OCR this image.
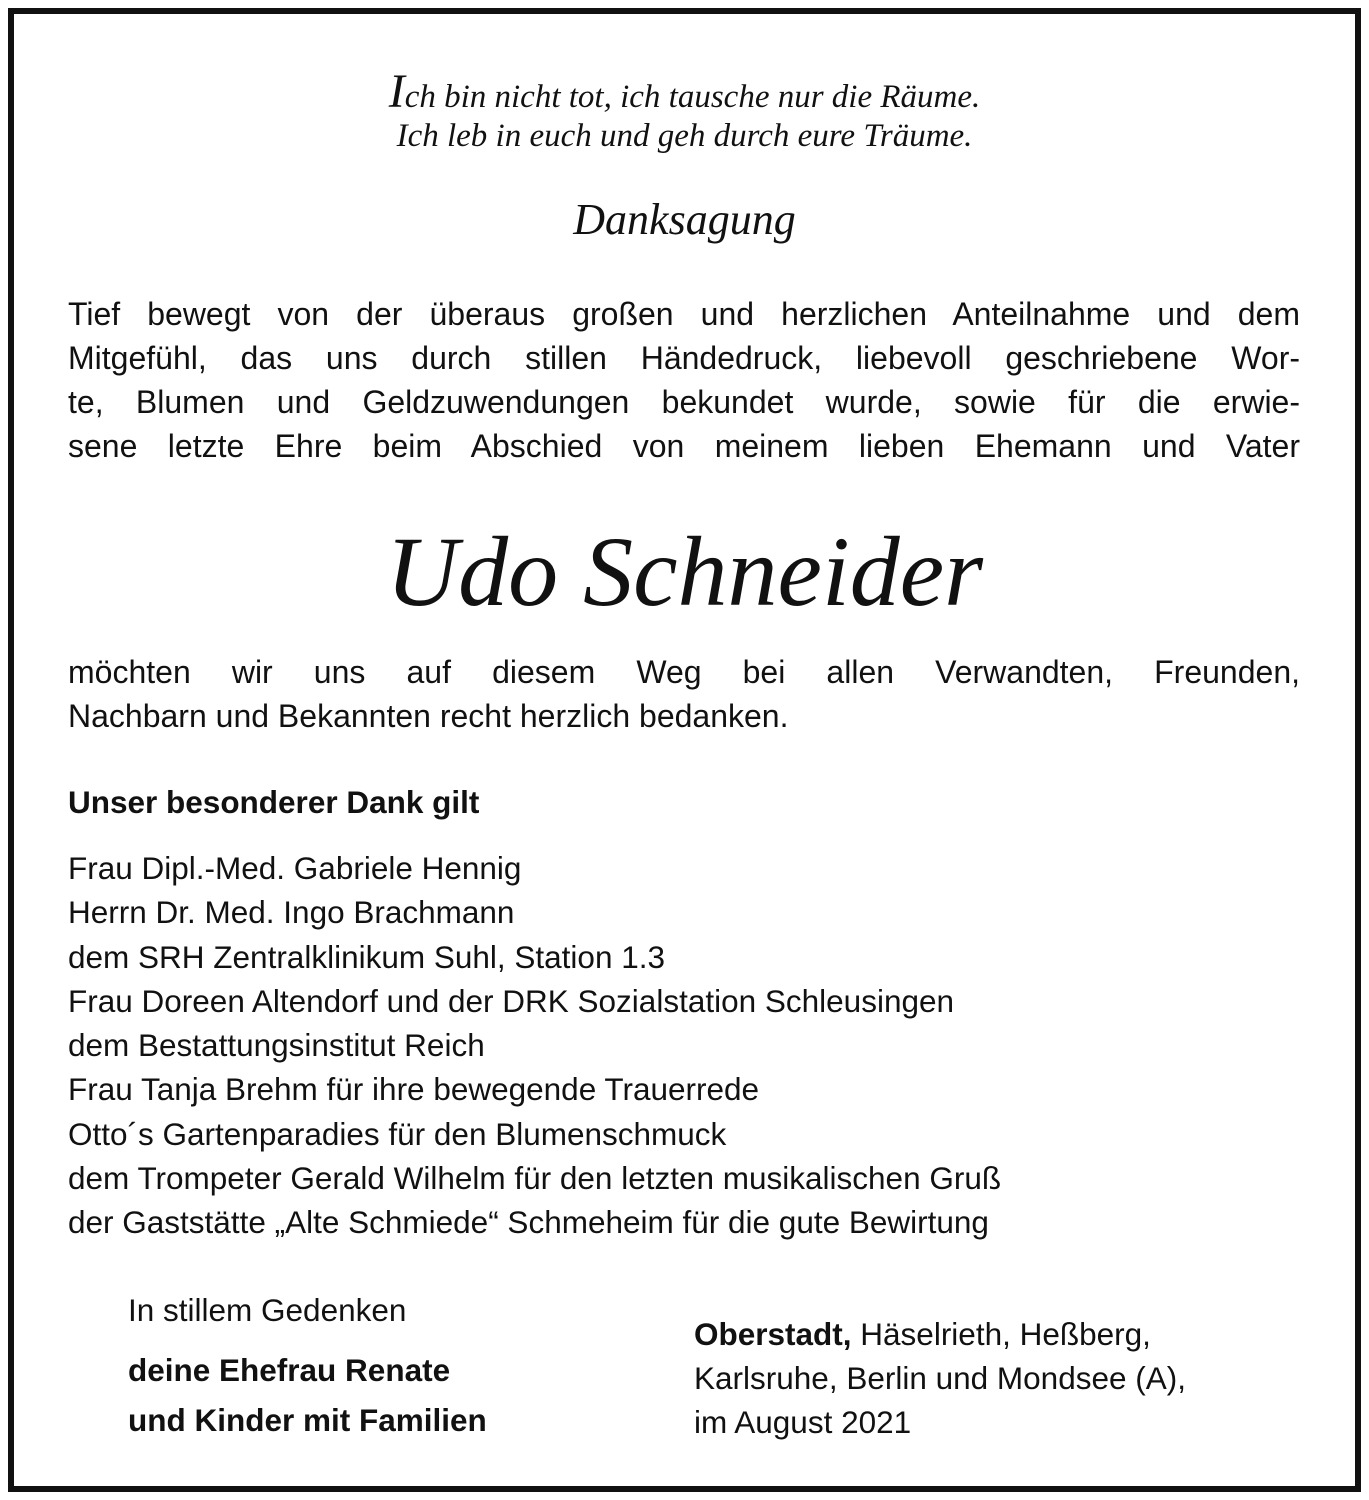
Ich bin nicht tot, ich tausche nur die Räume.

Ich leb in euch und geh durch eure Träume.

Danksagung

Tief bewegt von der überaus großen und herzlichen Anteilnahme und dem
Mitgefühl, das uns durch stillen Händedruck, liebevoll geschriebene Wor-
te, Blumen und Geldzuwendungen bekundet wurde, sowie für die erwie-
sene letzte Ehre beim Abschied von meinem lieben Ehemann und Vater

Udo Schneider

möchten wir uns auf diesem Weg bei allen Verwandten, Freunden,
Nachbarn und Bekannten recht herzlich bedanken.

Unser besonderer Dank gilt

Frau Dipl.-Med. Gabriele Hennig
Herrn Dr. Med. Ingo Brachmann
dem SRH Zentralklinikum Suhl, Station 1.3
Frau Doreen Altendorf und der DRK Sozialstation Schleusingen
dem Bestattungsinstitut Reich
Frau Tanja Brehm für ihre bewegende Trauerrede
Otto´s Gartenparadies für den Blumenschmuck
dem Trompeter Gerald Wilhelm für den letzten musikalischen Gruß
der Gaststätte „Alte Schmiede“ Schmeheim für die gute Bewirtung

In stillem Gedenken

deine Ehefrau Renate

und Kinder mit Familien

Oberstadt, Häselrieth, Heßberg,
Karlsruhe, Berlin und Mondsee (A),
im August 2021
